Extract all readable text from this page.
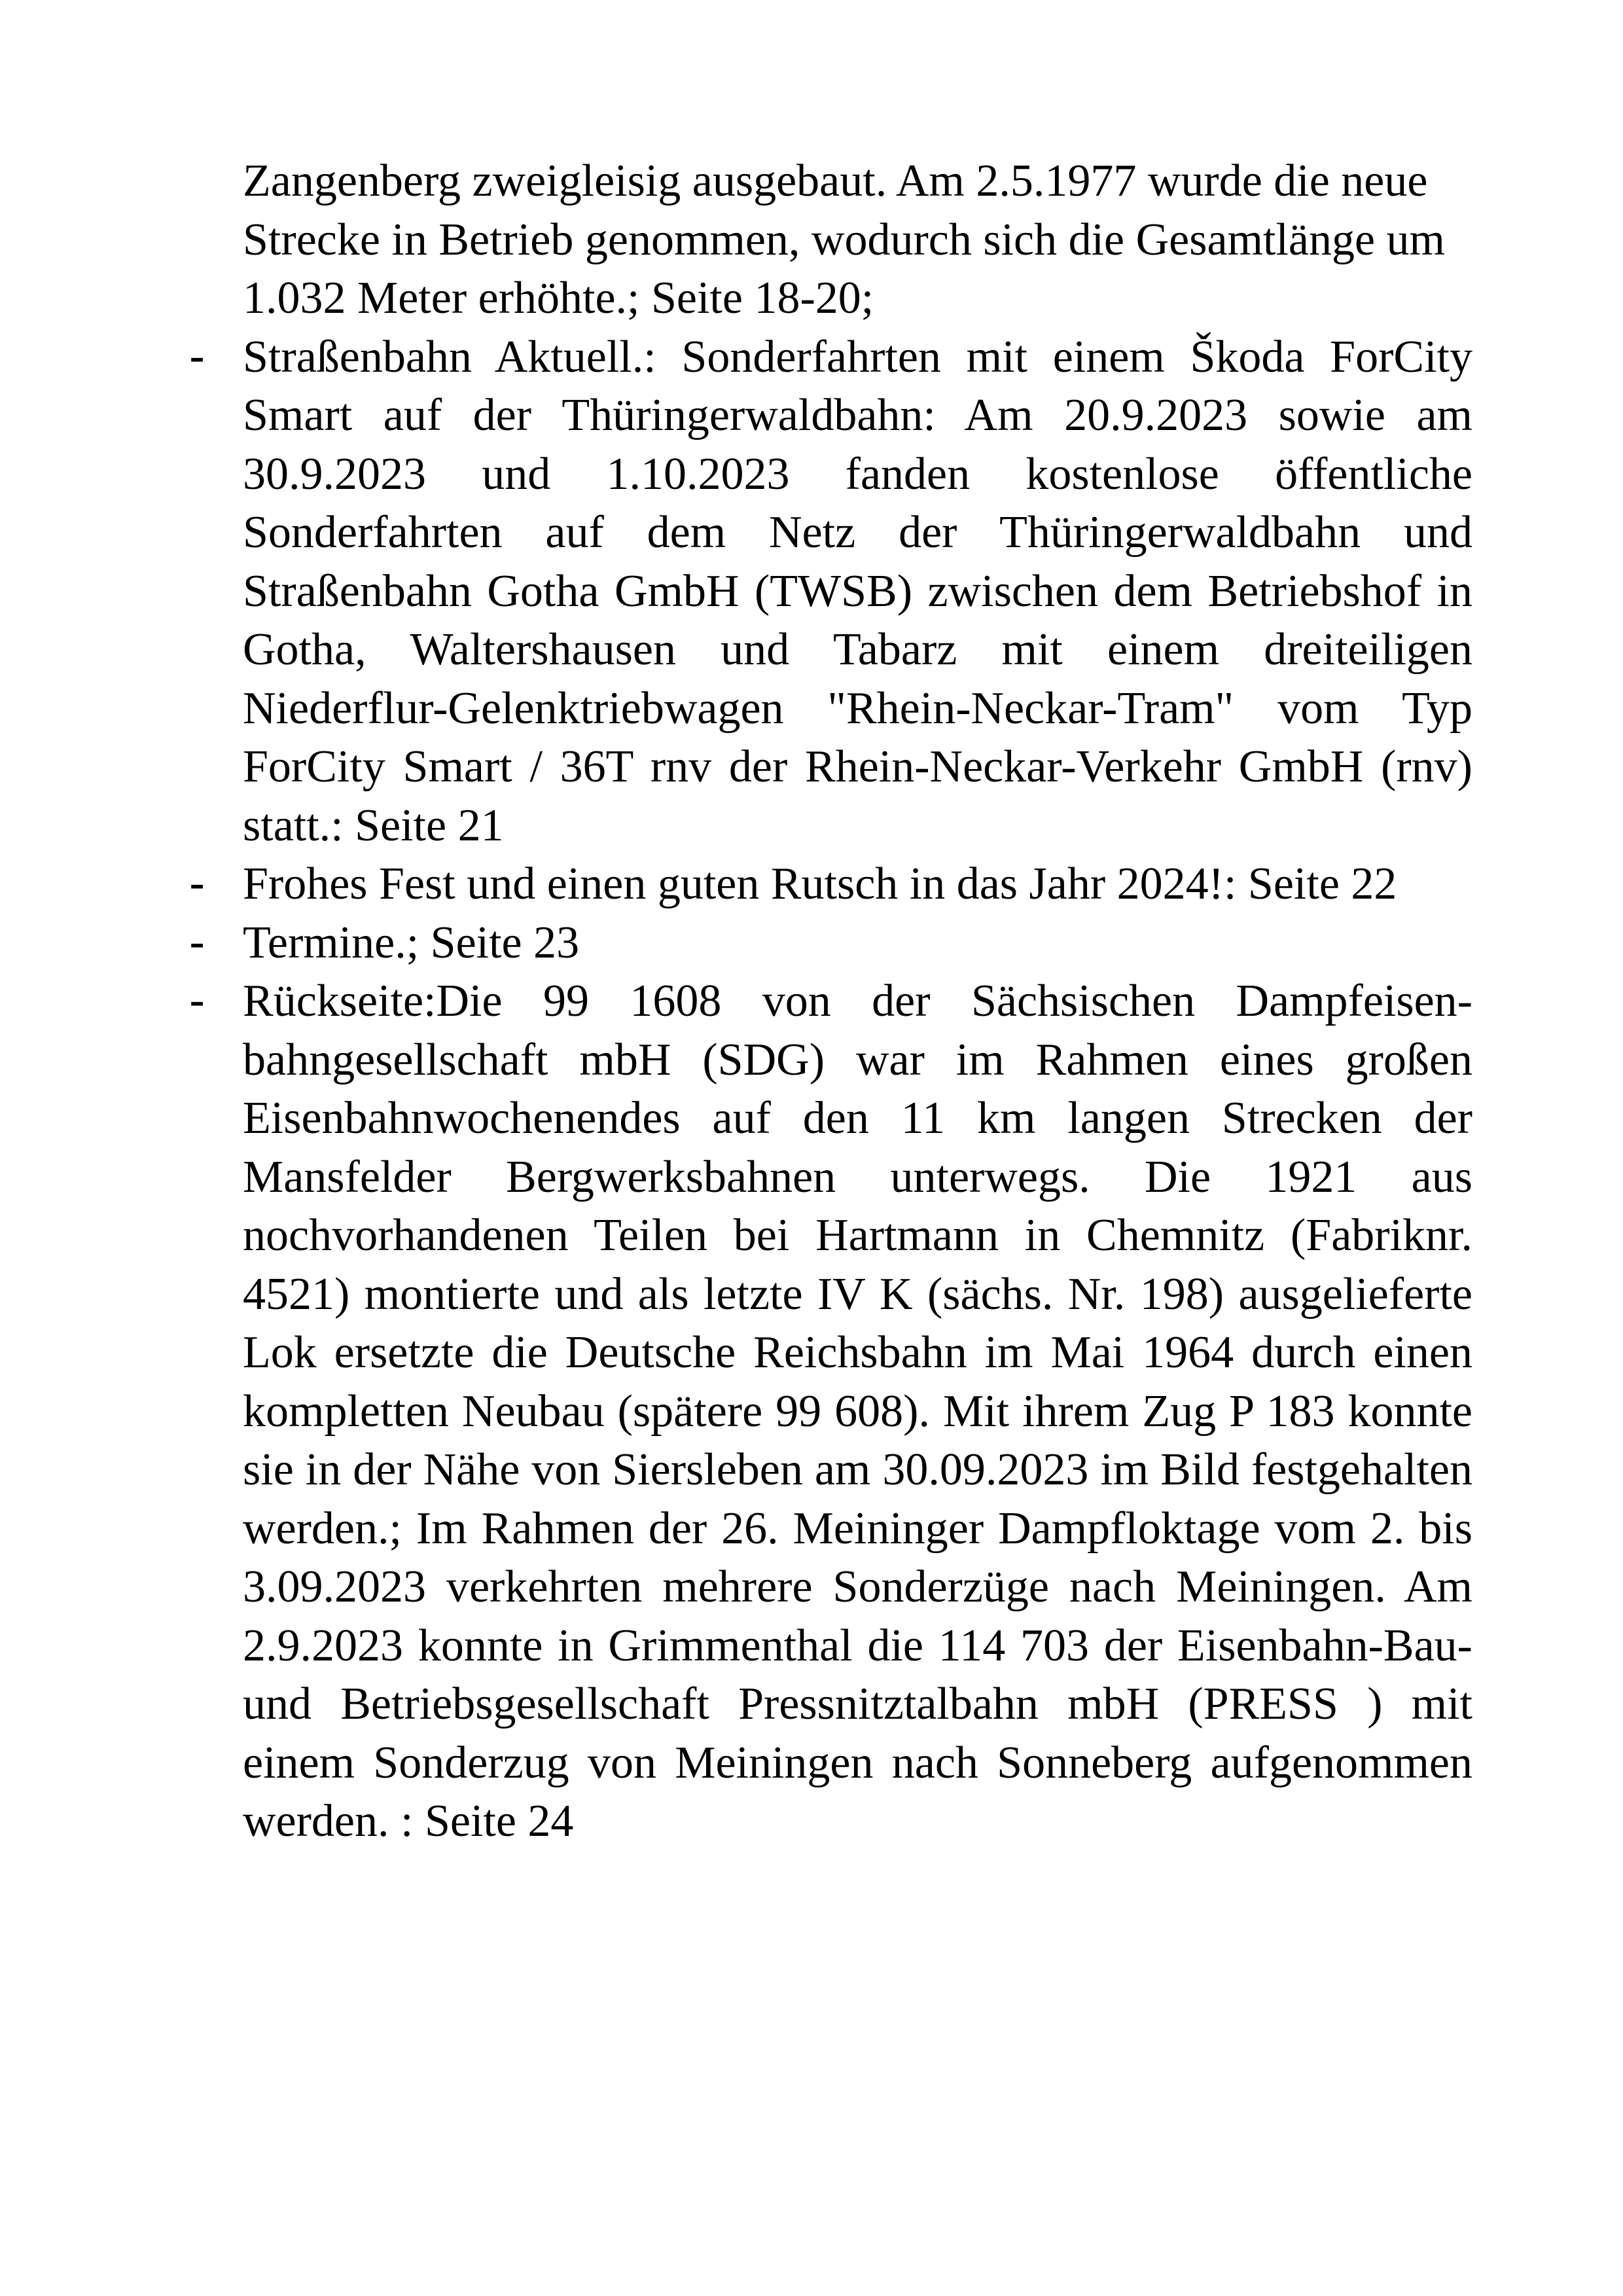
Zangenberg zweigleisig ausgebaut. Am 2.5.1977 wurde die neue Strecke in Betrieb genommen, wodurch sich die Gesamtlänge um 1.032 Meter erhöhte.; Seite 18-20;
- Straßenbahn Aktuell.: Sonderfahrten mit einem Škoda ForCity Smart auf der Thüringerwaldbahn: Am 20.9.2023 sowie am 30.9.2023 und 1.10.2023 fanden kostenlose öffentliche Sonderfahrten auf dem Netz der Thüringerwaldbahn und Straßenbahn Gotha GmbH (TWSB) zwischen dem Betriebshof in Gotha, Waltershausen und Tabarz mit einem dreiteiligen Niederflur-Gelenktriebwagen "Rhein-Neckar-Tram" vom Typ ForCity Smart / 36T rnv der Rhein-Neckar-Verkehr GmbH (rnv) statt.: Seite 21
- Frohes Fest und einen guten Rutsch in das Jahr 2024!: Seite 22
- Termine.; Seite 23
- Rückseite:Die 99 1608 von der Sächsischen Dampfeisenbahngesellschaft mbH (SDG) war im Rahmen eines großen Eisenbahnwochenendes auf den 11 km langen Strecken der Mansfelder Bergwerksbahnen unterwegs. Die 1921 aus nochvorhandenen Teilen bei Hartmann in Chemnitz (Fabriknr. 4521) montierte und als letzte IV K (sächs. Nr. 198) ausgelieferte Lok ersetzte die Deutsche Reichsbahn im Mai 1964 durch einen kompletten Neubau (spätere 99 608). Mit ihrem Zug P 183 konnte sie in der Nähe von Siersleben am 30.09.2023 im Bild festgehalten werden.; Im Rahmen der 26. Meininger Dampfloktage vom 2. bis 3.09.2023 verkehrten mehrere Sonderzüge nach Meiningen. Am 2.9.2023 konnte in Grimmenthal die 114 703 der Eisenbahn-Bau- und Betriebsgesellschaft Pressnitztalbahn mbH (PRESS ) mit einem Sonderzug von Meiningen nach Sonneberg aufgenommen werden. : Seite 24
